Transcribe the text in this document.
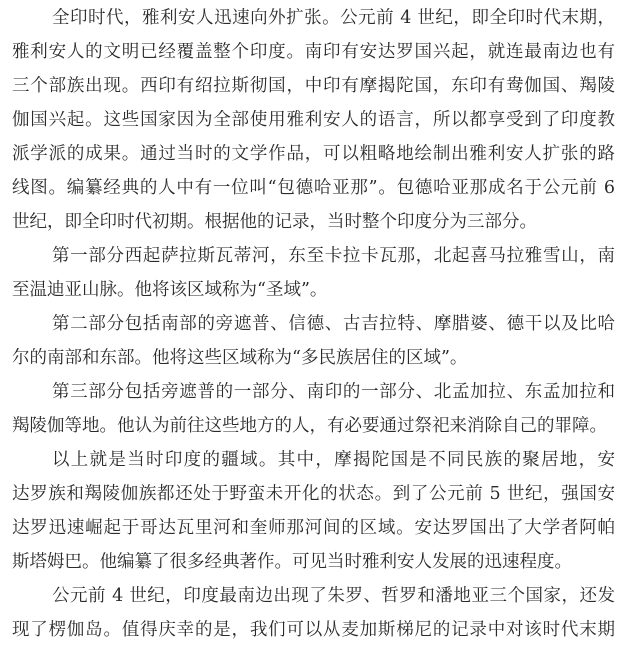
全印时代，雅利安人迅速向外扩张。公元前 4 世纪，即全印时代末期，
雅利安人的文明已经覆盖整个印度。南印有安达罗国兴起，就连最南边也有
三个部族出现。西印有绍拉斯彻国，中印有摩揭陀国，东印有鸯伽国、羯陵
伽国兴起。这些国家因为全部使用雅利安人的语言，所以都享受到了印度教
派学派的成果。通过当时的文学作品，可以粗略地绘制出雅利安人扩张的路
线图。编纂经典的人中有一位叫“包德哈亚那”。包德哈亚那成名于公元前 6
世纪，即全印时代初期。根据他的记录，当时整个印度分为三部分。
第一部分西起萨拉斯瓦蒂河，东至卡拉卡瓦那，北起喜马拉雅雪山，南
至温迪亚山脉。他将该区域称为“圣域”。
第二部分包括南部的旁遮普、信德、古吉拉特、摩腊婆、德干以及比哈
尔的南部和东部。他将这些区域称为“多民族居住的区域”。
第三部分包括旁遮普的一部分、南印的一部分、北孟加拉、东孟加拉和
羯陵伽等地。他认为前往这些地方的人，有必要通过祭祀来消除自己的罪障。
以上就是当时印度的疆域。其中，摩揭陀国是不同民族的聚居地，安
达罗族和羯陵伽族都还处于野蛮未开化的状态。到了公元前 5 世纪，强国安
达罗迅速崛起于哥达瓦里河和奎师那河间的区域。安达罗国出了大学者阿帕
斯塔姆巴。他编纂了很多经典著作。可见当时雅利安人发展的迅速程度。
公元前 4 世纪，印度最南边出现了朱罗、哲罗和潘地亚三个国家，还发
现了楞伽岛。值得庆幸的是，我们可以从麦加斯梯尼的记录中对该时代末期
